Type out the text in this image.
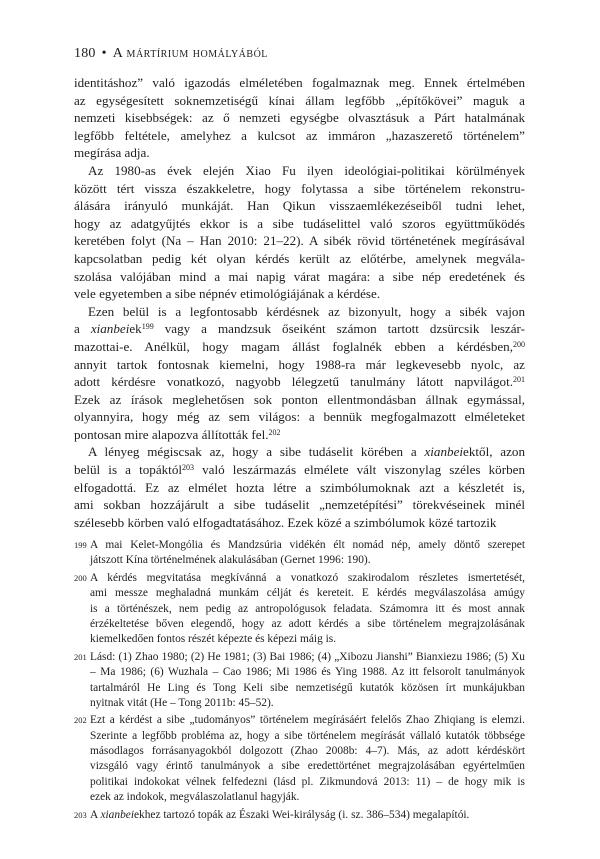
180 • A mártírium homályából
identitáshoz” való igazodás elméletében fogalmaznak meg. Ennek értelmében
az egységesített soknemzetiségű kínai állam legfőbb „építőkövei” maguk a
nemzeti kisebbségek: az ő nemzeti egységbe olvasztásuk a Párt hatalmának
legfőbb feltétele, amelyhez a kulcsot az immáron „hazaszerető történelem”
megírása adja.
Az 1980-as évek elején Xiao Fu ilyen ideológiai-politikai körülmények
között tért vissza északkeletre, hogy folytassa a sibe történelem rekonstru-
álására irányuló munkáját. Han Qikun visszaemlékezéseiből tudni lehet,
hogy az adatgyűjtés ekkor is a sibe tudáselittel való szoros együttműködés
keretében folyt (Na – Han 2010: 21–22). A sibék rövid történetének megírásával
kapcsolatban pedig két olyan kérdés került az előtérbe, amelynek megvála-
szolása valójában mind a mai napig várat magára: a sibe nép eredetének és
vele egyetemben a sibe népnév etimológiájának a kérdése.
Ezen belül is a legfontosabb kérdésnek az bizonyult, hogy a sibék vajon
a xianbeiek$^{199}$ vagy a mandzsuk őseiként számon tartott dzsürcsik leszár-
mazottai-e. Anélkül, hogy magam állást foglalnék ebben a kérdésben,$^{200}$
annyit tartok fontosnak kiemelni, hogy 1988-ra már legkevesebb nyolc, az
adott kérdésre vonatkozó, nagyobb lélegzetű tanulmány látott napvilágot.$^{201}$
Ezek az írások meglehetősen sok ponton ellentmondásban állnak egymással,
olyannyira, hogy még az sem világos: a bennük megfogalmazott elméleteket
pontosan mire alapozva állították fel.$^{202}$
A lényeg mégiscsak az, hogy a sibe tudáselit körében a xianbeiektől, azon
belül is a topáktól$^{203}$ való leszármazás elmélete vált viszonylag széles körben
elfogadottá. Ez az elmélet hozta létre a szimbólumoknak azt a készletét is,
ami sokban hozzájárult a sibe tudáselit „nemzetépítési” törekvéseinek minél
szélesebb körben való elfogadtatásához. Ezek közé a szimbólumok közé tartozik
199 A mai Kelet-Mongólia és Mandzsúria vidékén élt nomád nép, amely döntő szerepet
játszott Kína történelmének alakulásában (Gernet 1996: 190).
200 A kérdés megvitatása megkívánná a vonatkozó szakirodalom részletes ismertetését,
ami messze meghaladná munkám célját és kereteit. E kérdés megválaszolása amúgy
is a történészek, nem pedig az antropológusok feladata. Számomra itt és most annak
érzékeltetése bőven elegendő, hogy az adott kérdés a sibe történelem megrajzolásának
kiemelkedően fontos részét képezte és képezi máig is.
201 Lásd: (1) Zhao 1980; (2) He 1981; (3) Bai 1986; (4) „Xibozu Jianshi” Bianxiezu 1986; (5) Xu
– Ma 1986; (6) Wuzhala – Cao 1986; Mi 1986 és Ying 1988. Az itt felsorolt tanulmányok
tartalmáról He Ling és Tong Keli sibe nemzetiségű kutatók közösen írt munkájukban
nyitnak vitát (He – Tong 2011b: 45–52).
202 Ezt a kérdést a sibe „tudományos” történelem megírásáért felelős Zhao Zhiqiang is elemzi.
Szerinte a legfőbb probléma az, hogy a sibe történelem megírását vállaló kutatók többsége
másodlagos forrásanyagokból dolgozott (Zhao 2008b: 4–7). Más, az adott kérdéskört
vizsgáló vagy érintő tanulmányok a sibe eredettörténet megrajzolásában egyértelműen
politikai indokokat vélnek felfedezni (lásd pl. Zikmundová 2013: 11) – de hogy mik is
ezek az indokok, megválaszolatlanul hagyják.
203 A xianbeiekhez tartozó topák az Északi Wei-királyság (i. sz. 386–534) megalapítói.
